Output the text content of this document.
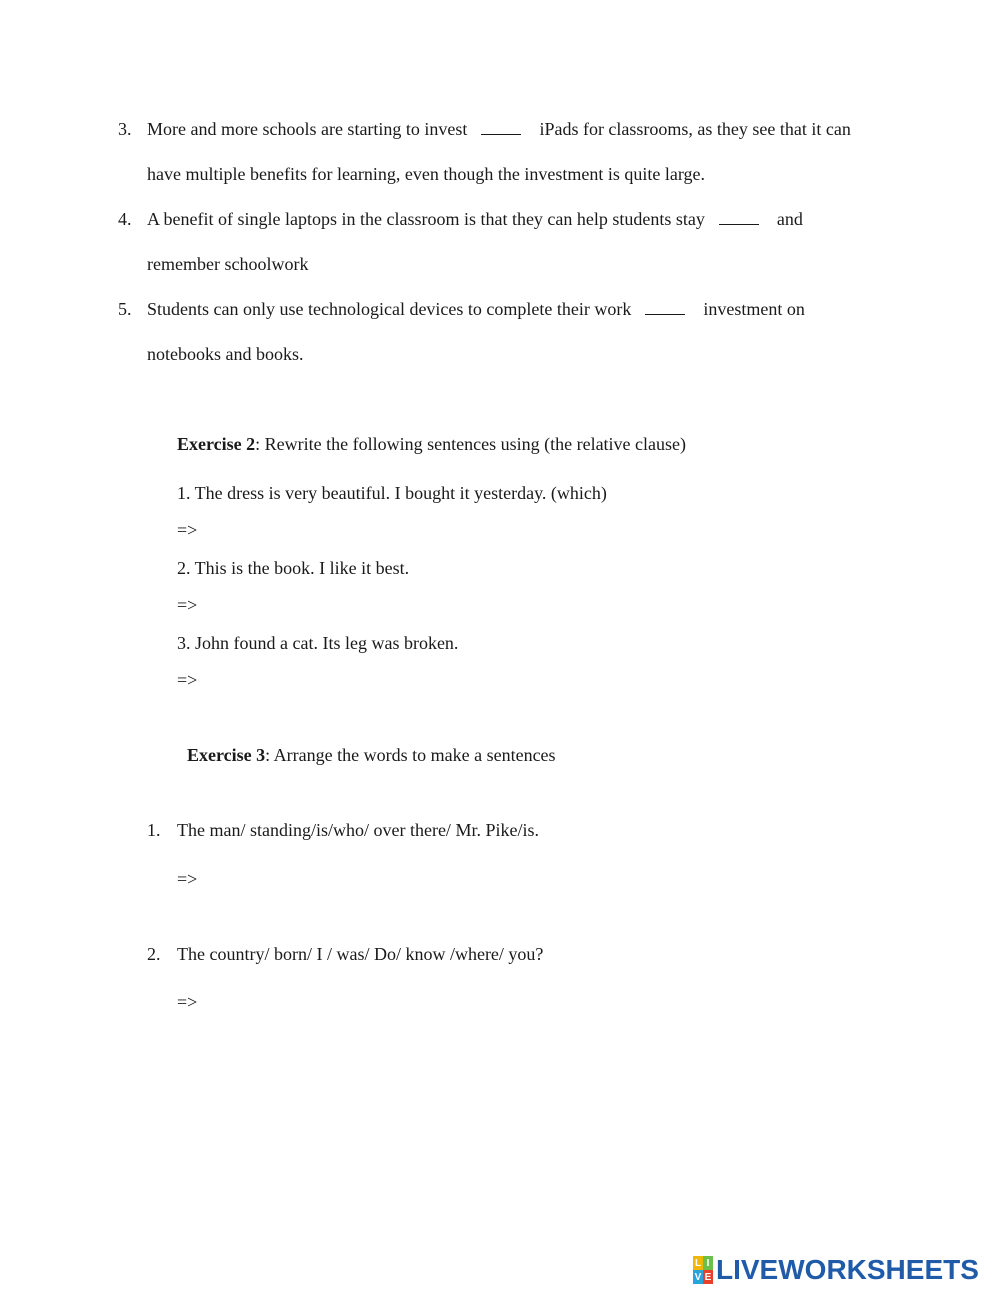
3. More and more schools are starting to invest	iPads for classrooms, as they see that it can
have multiple benefits for learning, even though the investment is quite large.
4. A benefit of single laptops in the classroom is that they can help students stay	and
remember schoolwork
5. Students can only use technological devices to complete their work	investment on
notebooks and books.
Exercise 2: Rewrite the following sentences using (the relative clause)
1. The dress is very beautiful. I bought it yesterday. (which)
=>
2. This is the book. I like it best.
=>
3. John found a cat. Its leg was broken.
=>
Exercise 3: Arrange the words to make a sentences
1. The man/ standing/is/who/ over there/ Mr. Pike/is.
=>
2. The country/ born/ I / was/ Do/ know /where/ you?
=>
L I
V E LIVEWORKSHEETS
